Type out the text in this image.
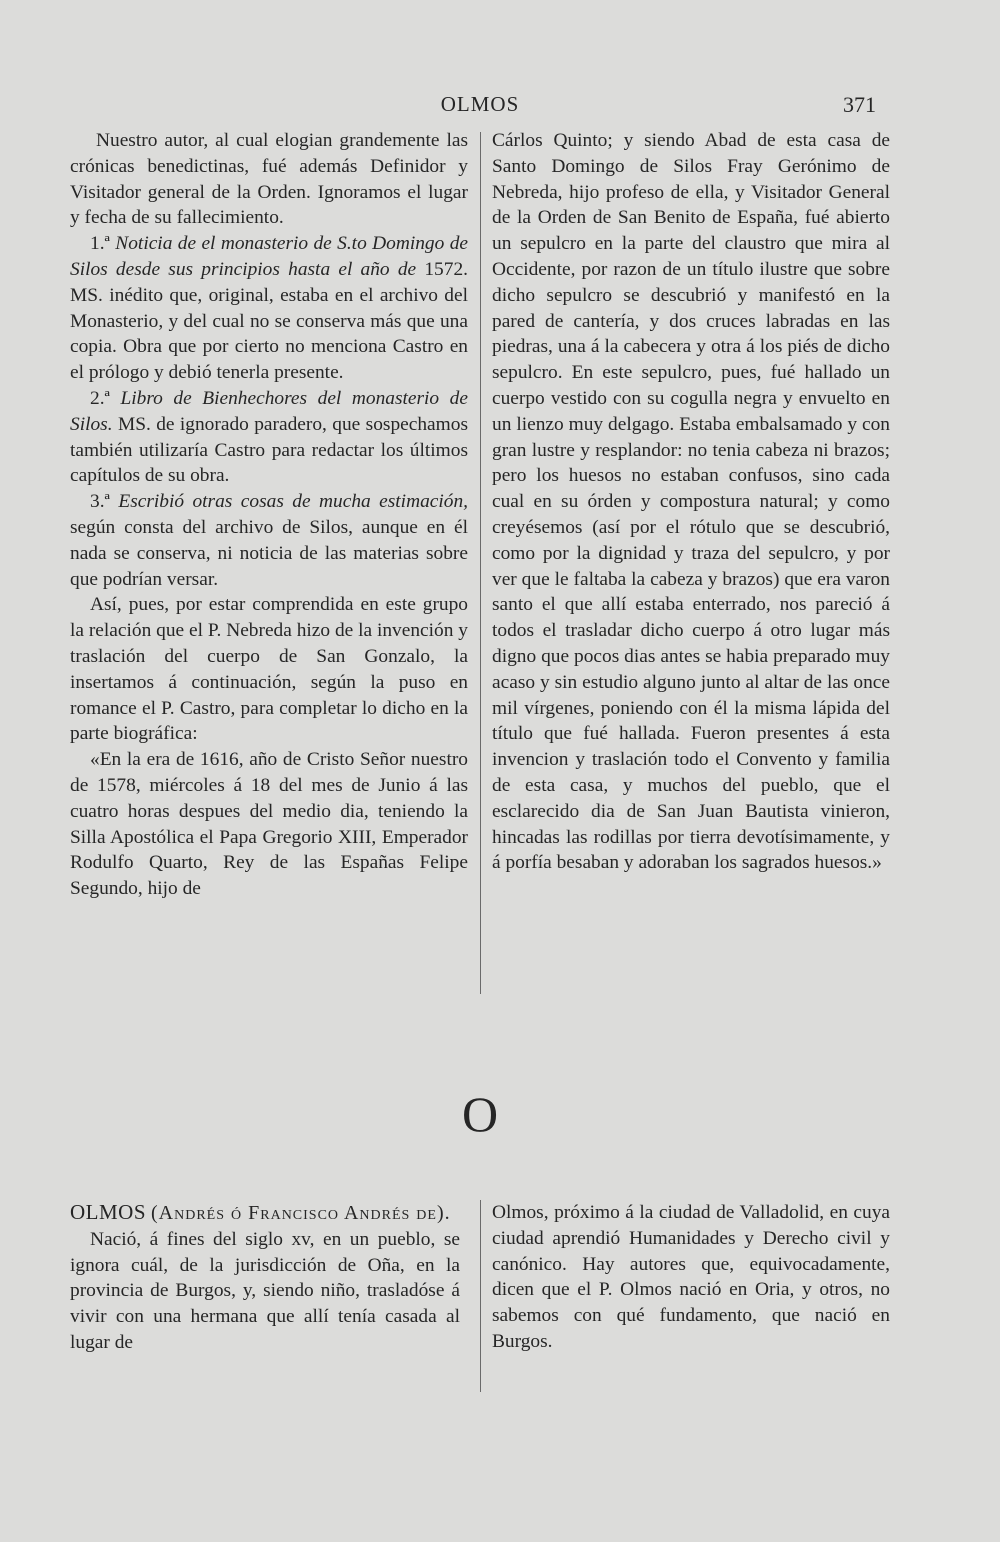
OLMOS	371

Nuestro autor, al cual elogian grandemente las crónicas benedictinas, fué además Definidor y Visitador general de la Orden. Ignoramos el lugar y fecha de su fallecimiento.

1.ª Noticia de el monasterio de S.to Domingo de Silos desde sus principios hasta el año de 1572. MS. inédito que, original, estaba en el archivo del Monasterio, y del cual no se conserva más que una copia. Obra que por cierto no menciona Castro en el prólogo y debió tenerla presente.

2.ª Libro de Bienhechores del monasterio de Silos. MS. de ignorado paradero, que sospechamos también utilizaría Castro para redactar los últimos capítulos de su obra.

3.ª Escribió otras cosas de mucha estimación, según consta del archivo de Silos, aunque en él nada se conserva, ni noticia de las materias sobre que podrían versar.

Así, pues, por estar comprendida en este grupo la relación que el P. Nebreda hizo de la invención y traslación del cuerpo de San Gonzalo, la insertamos á continuación, según la puso en romance el P. Castro, para completar lo dicho en la parte biográfica:

«En la era de 1616, año de Cristo Señor nuestro de 1578, miércoles á 18 del mes de Junio á las cuatro horas despues del medio dia, teniendo la Silla Apostólica el Papa Gregorio XIII, Emperador Rodulfo Quarto, Rey de las Españas Felipe Segundo, hijo de

Cárlos Quinto; y siendo Abad de esta casa de Santo Domingo de Silos Fray Gerónimo de Nebreda, hijo profeso de ella, y Visitador General de la Orden de San Benito de España, fué abierto un sepulcro en la parte del claustro que mira al Occidente, por razon de un título ilustre que sobre dicho sepulcro se descubrió y manifestó en la pared de cantería, y dos cruces labradas en las piedras, una á la cabecera y otra á los piés de dicho sepulcro. En este sepulcro, pues, fué hallado un cuerpo vestido con su cogulla negra y envuelto en un lienzo muy delgago. Estaba embalsamado y con gran lustre y resplandor: no tenia cabeza ni brazos; pero los huesos no estaban confusos, sino cada cual en su órden y compostura natural; y como creyésemos (así por el rótulo que se descubrió, como por la dignidad y traza del sepulcro, y por ver que le faltaba la cabeza y brazos) que era varon santo el que allí estaba enterrado, nos pareció á todos el trasladar dicho cuerpo á otro lugar más digno que pocos dias antes se habia preparado muy acaso y sin estudio alguno junto al altar de las once mil vírgenes, poniendo con él la misma lápida del título que fué hallada. Fueron presentes á esta invencion y traslación todo el Convento y familia de esta casa, y muchos del pueblo, que el esclarecido dia de San Juan Bautista vinieron, hincadas las rodillas por tierra devotísimamente, y á porfía besaban y adoraban los sagrados huesos.»

O

OLMOS (Andrés ó Francisco Andrés de).

Nació, á fines del siglo xv, en un pueblo, se ignora cuál, de la jurisdicción de Oña, en la provincia de Burgos, y, siendo niño, trasladóse á vivir con una hermana que allí tenía casada al lugar de

Olmos, próximo á la ciudad de Valladolid, en cuya ciudad aprendió Humanidades y Derecho civil y canónico. Hay autores que, equivocadamente, dicen que el P. Olmos nació en Oria, y otros, no sabemos con qué fundamento, que nació en Burgos.
